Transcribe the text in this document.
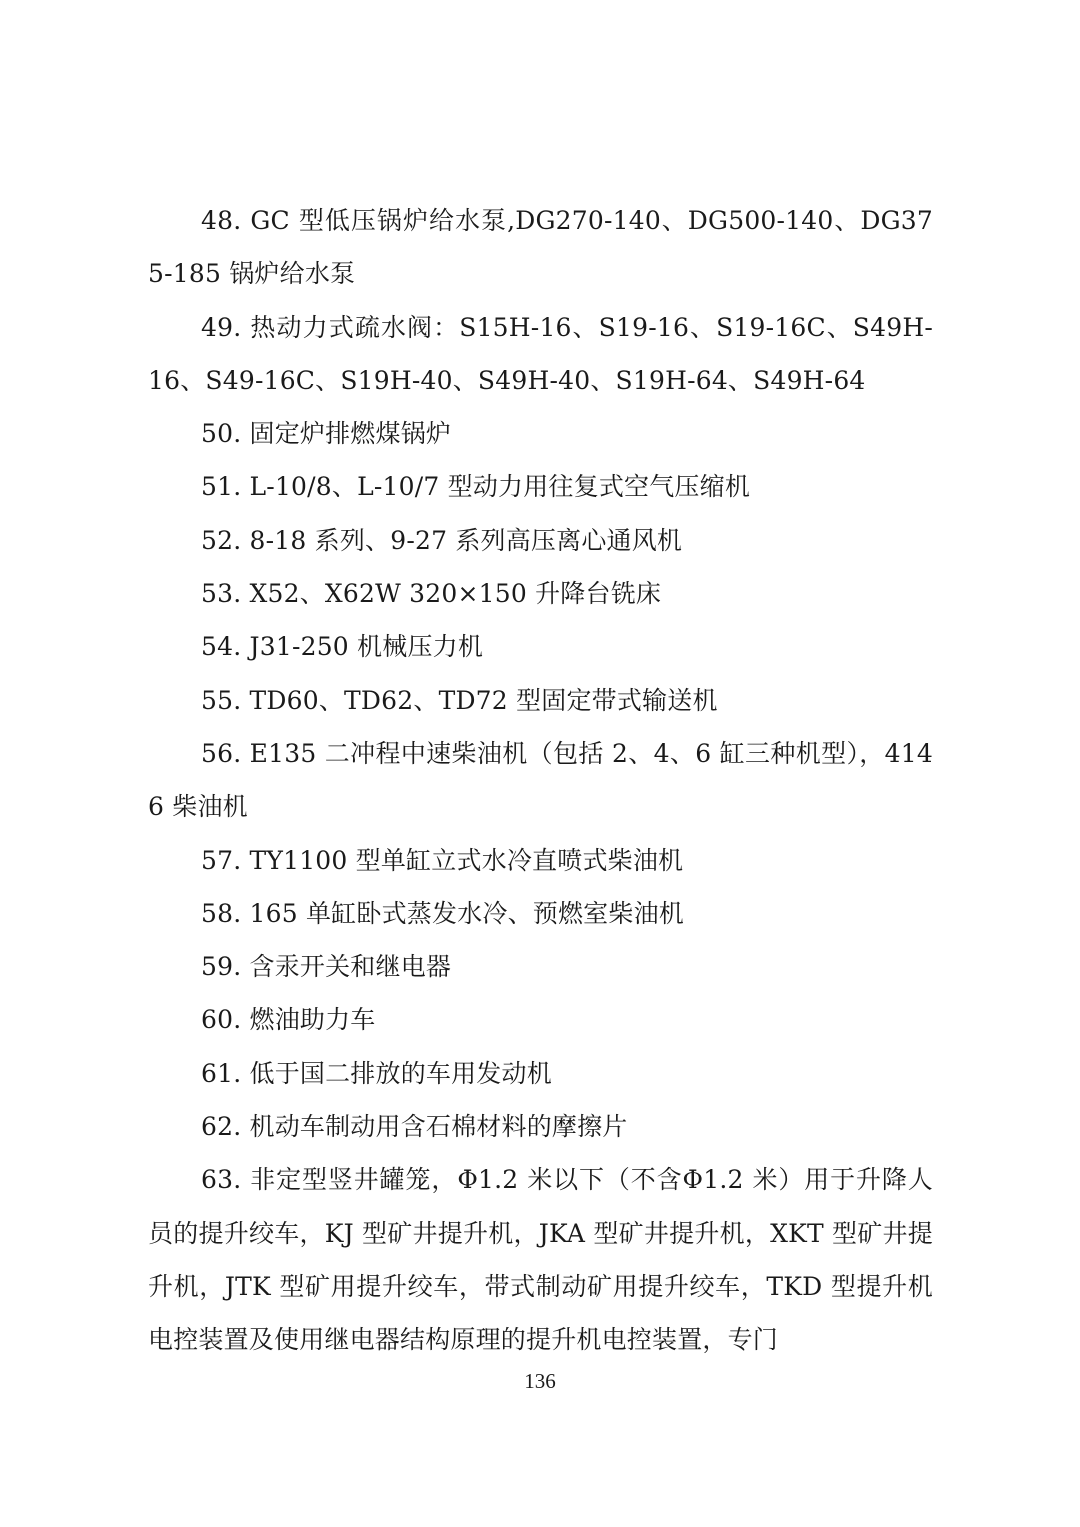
48. GC 型低压锅炉给水泵,DG270-140、DG500-140、DG375-185 锅炉给水泵

49. 热动力式疏水阀：S15H-16、S19-16、S19-16C、S49H-16、S49-16C、S19H-40、S49H-40、S19H-64、S49H-64

50. 固定炉排燃煤锅炉

51. L-10/8、L-10/7 型动力用往复式空气压缩机

52. 8-18 系列、9-27 系列高压离心通风机

53. X52、X62W 320×150 升降台铣床

54. J31-250 机械压力机

55. TD60、TD62、TD72 型固定带式输送机

56. E135 二冲程中速柴油机（包括 2、4、6 缸三种机型），4146 柴油机

57. TY1100 型单缸立式水冷直喷式柴油机

58. 165 单缸卧式蒸发水冷、预燃室柴油机

59. 含汞开关和继电器

60. 燃油助力车

61. 低于国二排放的车用发动机

62. 机动车制动用含石棉材料的摩擦片

63. 非定型竖井罐笼，Φ1.2 米以下（不含Φ1.2 米）用于升降人员的提升绞车，KJ 型矿井提升机，JKA 型矿井提升机，XKT 型矿井提升机，JTK 型矿用提升绞车，带式制动矿用提升绞车，TKD 型提升机电控装置及使用继电器结构原理的提升机电控装置，专门

136
